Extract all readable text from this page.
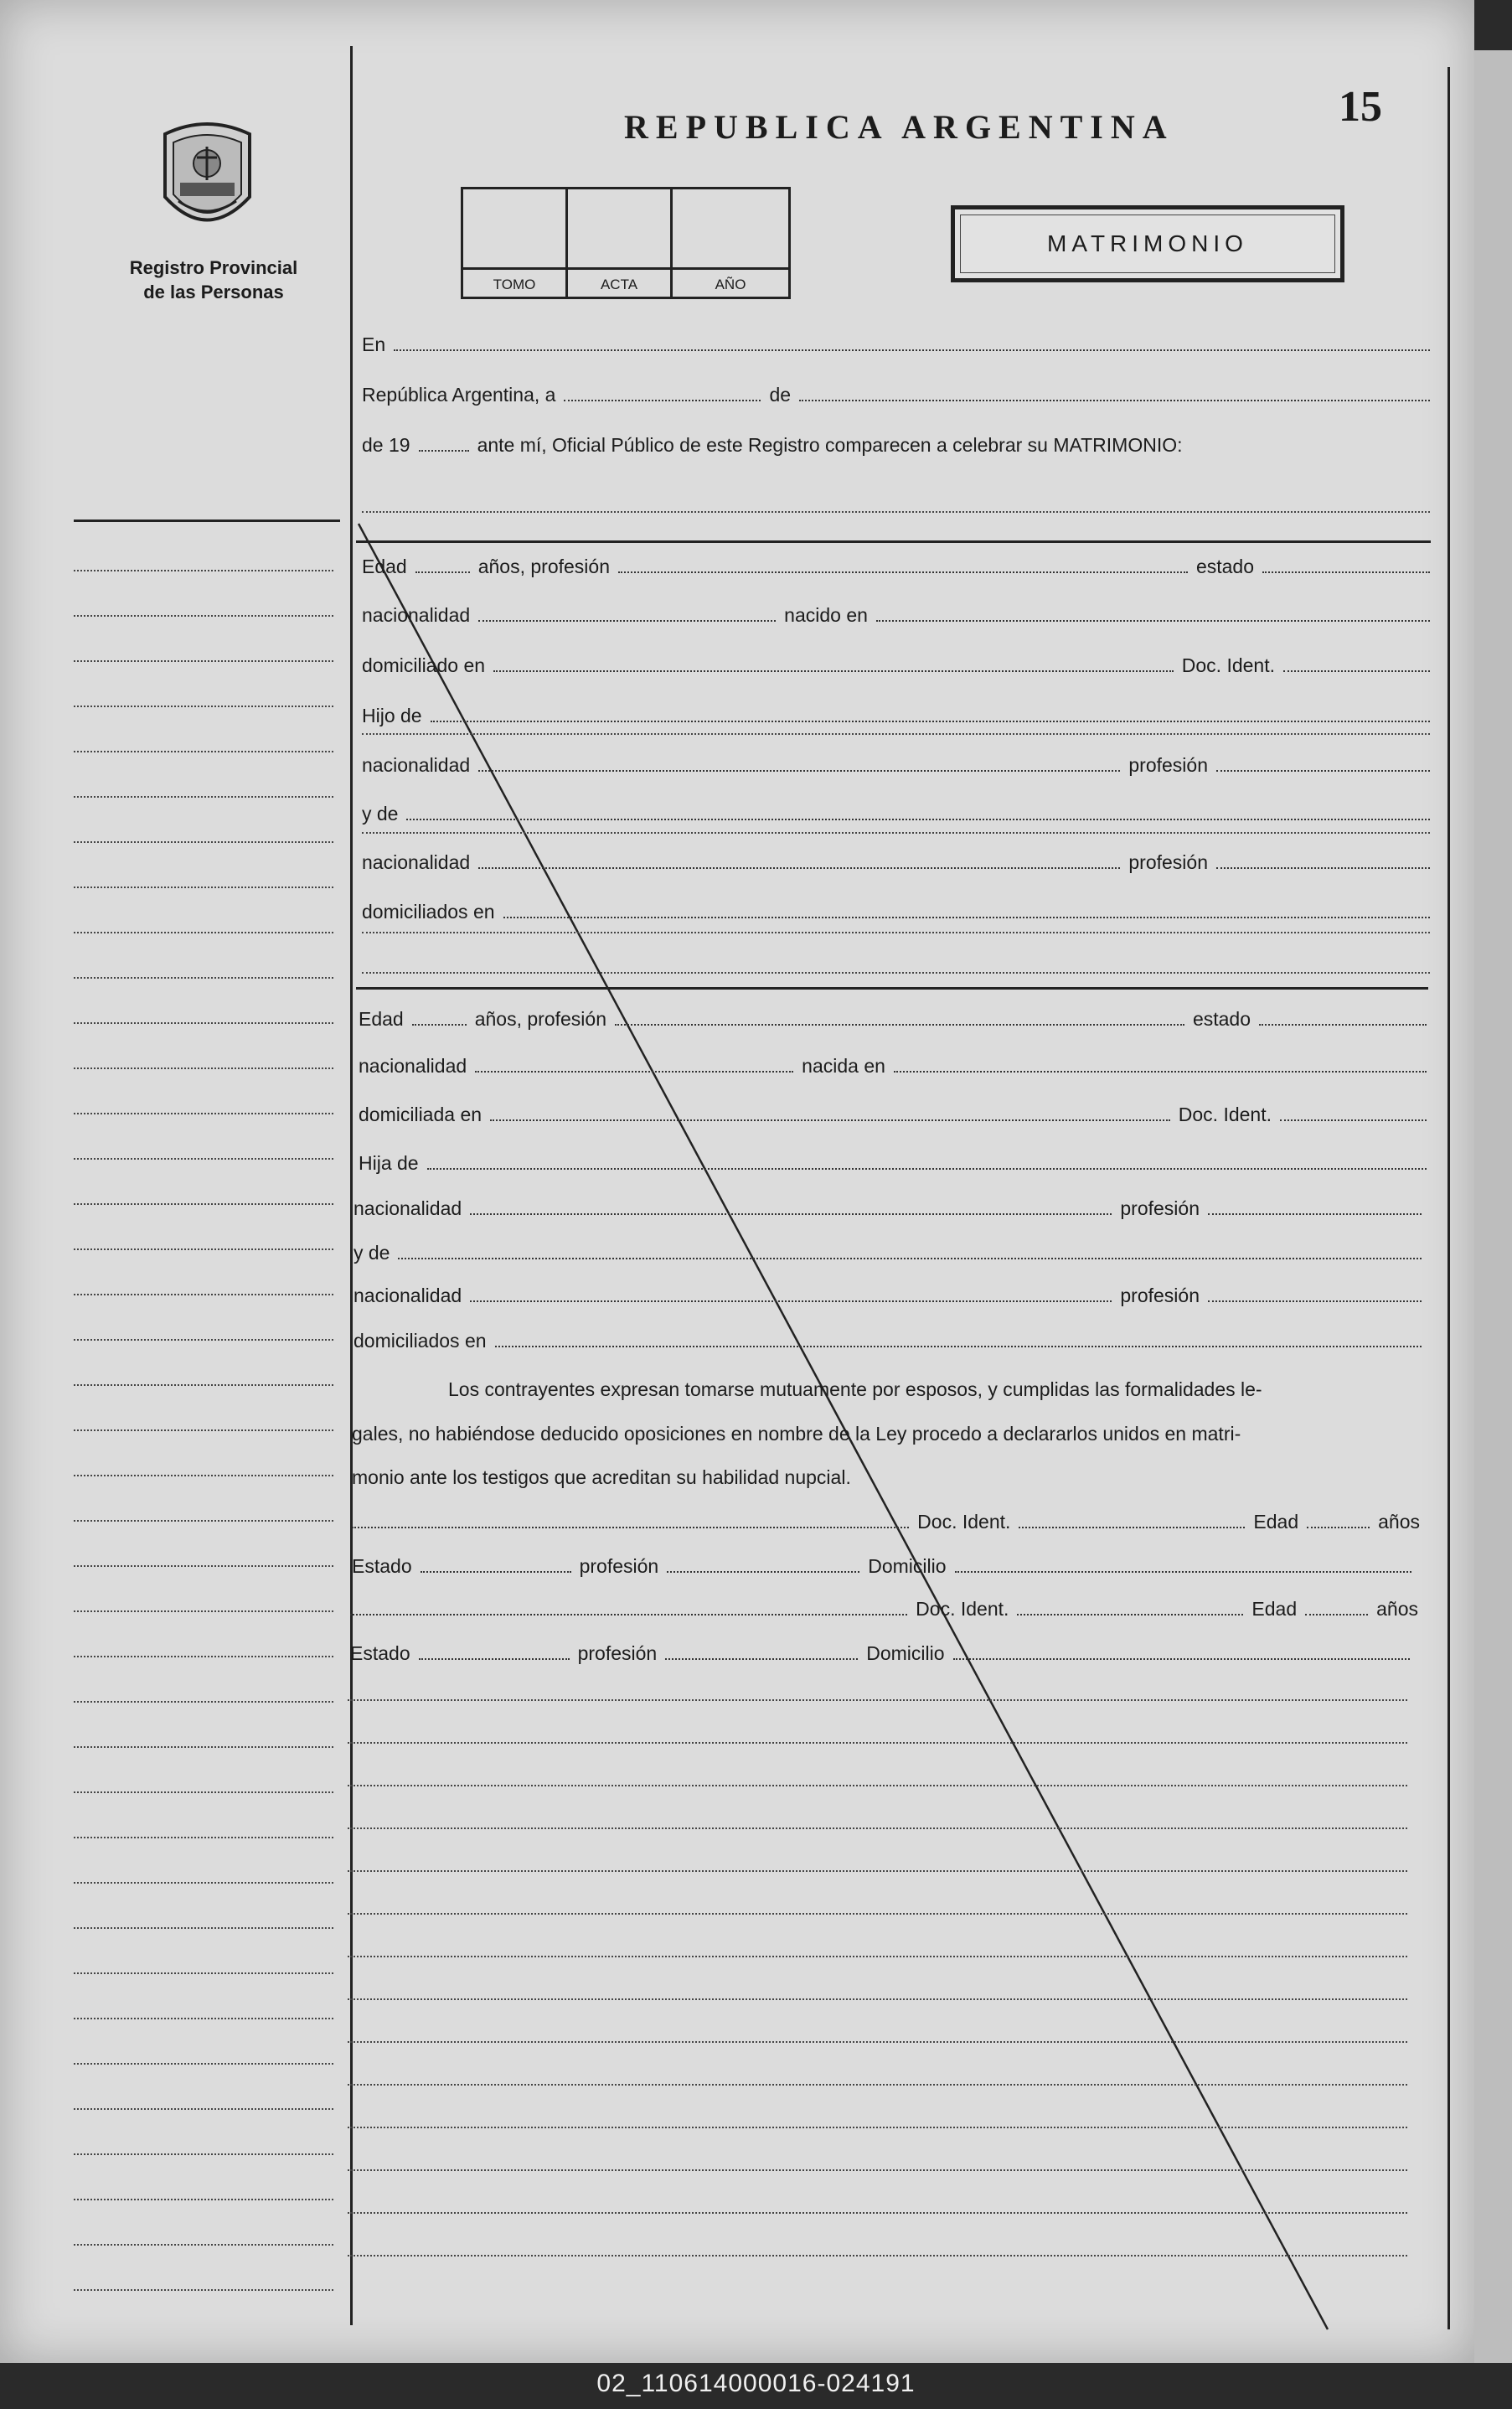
Registro Provincial
de las Personas
REPUBLICA ARGENTINA	15
TOMO	ACTA	AÑO
MATRIMONIO
En
República Argentina, a	de
de 19	ante mí, Oficial Público de este Registro comparecen a celebrar su MATRIMONIO:
Edad	años, profesión	estado
nacionalidad	nacido en
domiciliado en	Doc. Ident.
Hijo de
nacionalidad	profesión
y de
nacionalidad	profesión
domiciliados en
Edad	años, profesión	estado
nacionalidad	nacida en
domiciliada en	Doc. Ident.
Hija de
nacionalidad	profesión
y de
nacionalidad	profesión
domiciliados en
Los contrayentes expresan tomarse mutuamente por esposos, y cumplidas las formalidades le-
gales, no habiéndose deducido oposiciones en nombre de la Ley procedo a declararlos unidos en matri-
monio ante los testigos que acreditan su habilidad nupcial.
Doc. Ident.	Edad	años
Estado	profesión	Domicilio
Doc. Ident.	Edad	años
Estado	profesión	Domicilio
02_110614000016-024191
